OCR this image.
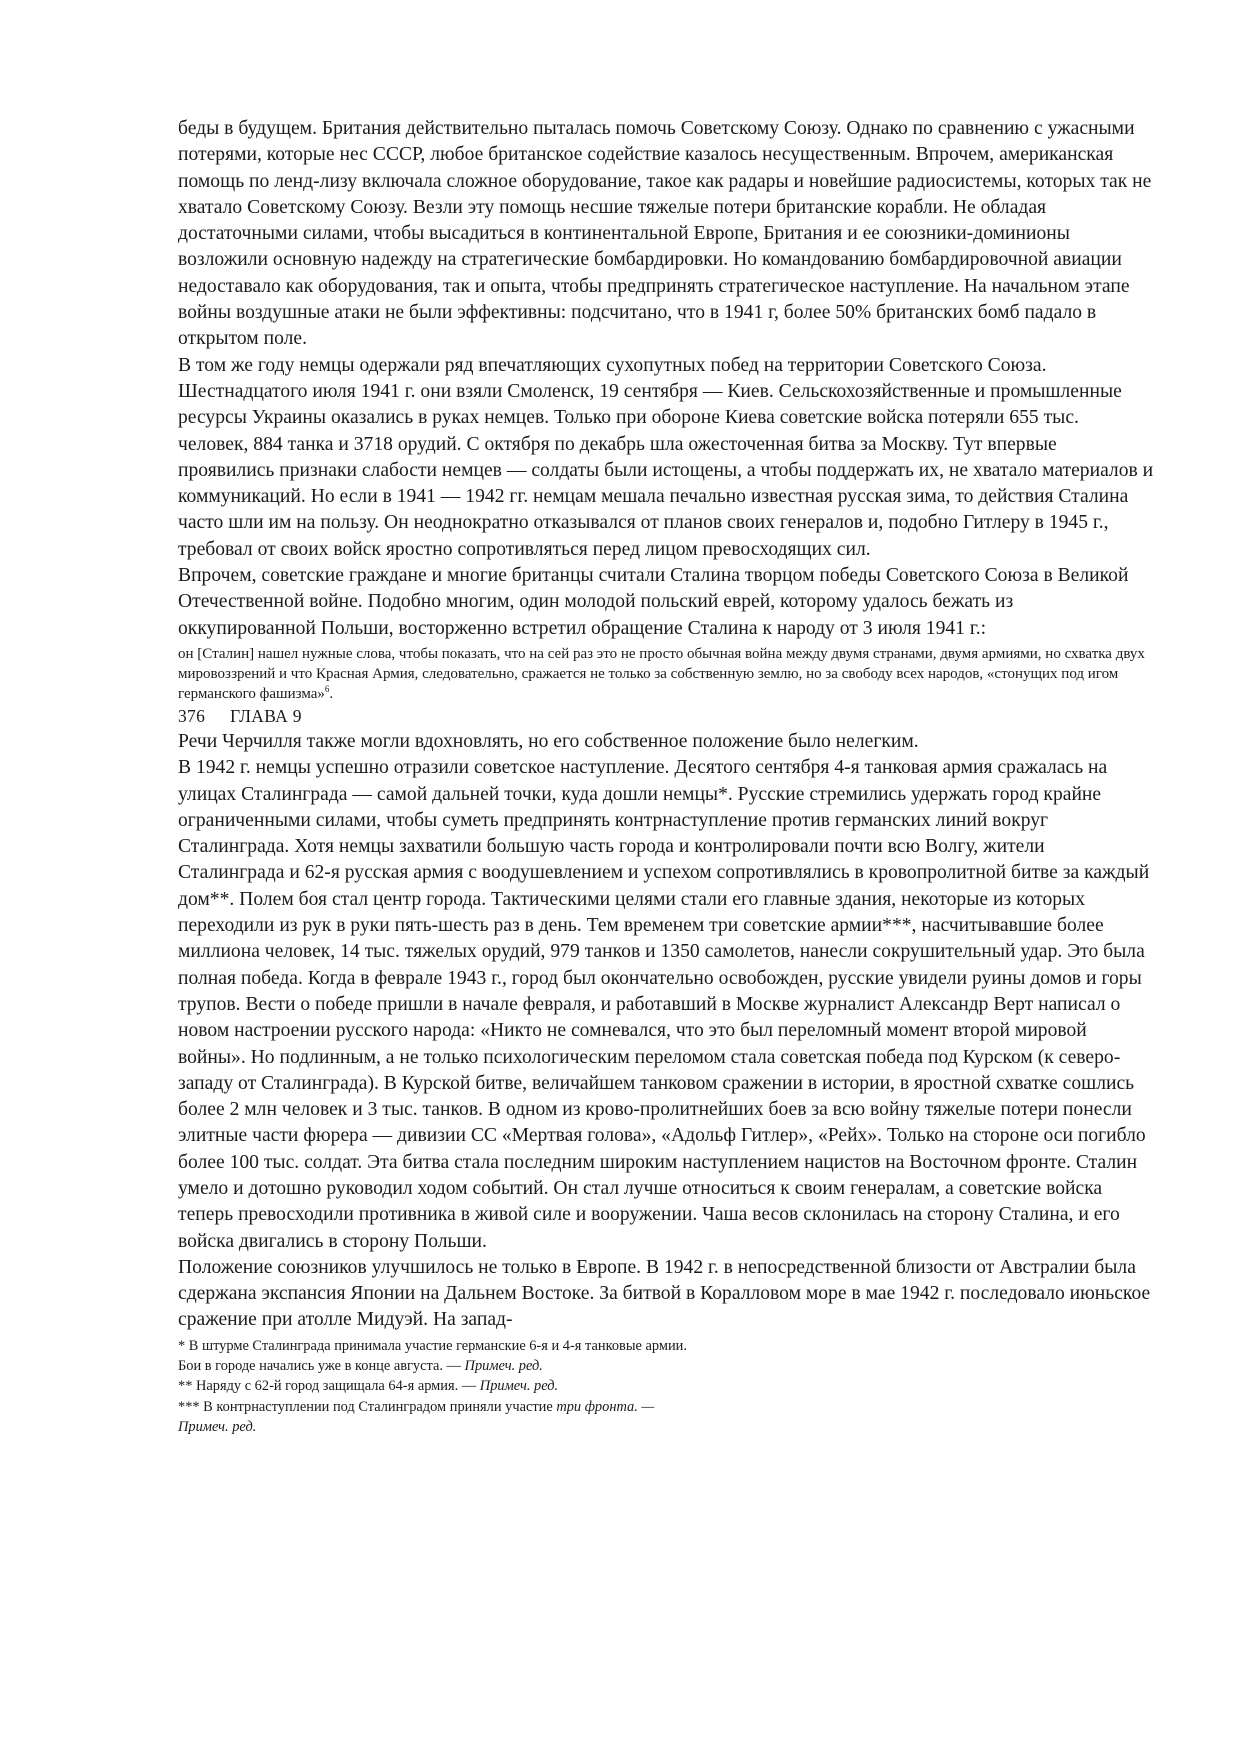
беды в будущем. Британия действительно пыталась помочь Советскому Союзу. Однако по сравнению с ужасными потерями, которые нес СССР, любое британское содействие казалось несущественным. Впрочем, американская помощь по ленд-лизу включала сложное оборудование, такое как радары и новейшие радиосистемы, которых так не хватало Советскому Союзу. Везли эту помощь несшие тяжелые потери британские корабли. Не обладая достаточными силами, чтобы высадиться в континентальной Европе, Британия и ее союзники-доминионы возложили основную надежду на стратегические бомбардировки. Но командованию бомбардировочной авиации недоставало как оборудования, так и опыта, чтобы предпринять стратегическое наступление. На начальном этапе войны воздушные атаки не были эффективны: подсчитано, что в 1941 г, более 50% британских бомб падало в открытом поле.

В том же году немцы одержали ряд впечатляющих сухопутных побед на территории Советского Союза. Шестнадцатого июля 1941 г. они взяли Смоленск, 19 сентября — Киев. Сельскохозяйственные и промышленные ресурсы Украины оказались в руках немцев. Только при обороне Киева советские войска потеряли 655 тыс. человек, 884 танка и 3718 орудий. С октября по декабрь шла ожесточенная битва за Москву. Тут впервые проявились признаки слабости немцев — солдаты были истощены, а чтобы поддержать их, не хватало материалов и коммуникаций. Но если в 1941 — 1942 гг. немцам мешала печально известная русская зима, то действия Сталина часто шли им на пользу. Он неоднократно отказывался от планов своих генералов и, подобно Гитлеру в 1945 г., требовал от своих войск яростно сопротивляться перед лицом превосходящих сил.

Впрочем, советские граждане и многие британцы считали Сталина творцом победы Советского Союза в Великой Отечественной войне. Подобно многим, один молодой польский еврей, которому удалось бежать из оккупированной Польши, восторженно встретил обращение Сталина к народу от 3 июля 1941 г.:

он [Сталин] нашел нужные слова, чтобы показать, что на сей раз это не просто обычная война между двумя странами, двумя армиями, но схватка двух мировоззрений и что Красная Армия, следовательно, сражается не только за собственную землю, но за свободу всех народов, «стонущих под игом германского фашизма»$^6$.

376 ГЛАВА 9

Речи Черчилля также могли вдохновлять, но его собственное положение было нелегким.

В 1942 г. немцы успешно отразили советское наступление. Десятого сентября 4-я танковая армия сражалась на улицах Сталинграда — самой дальней точки, куда дошли немцы*. Русские стремились удержать город крайне ограниченными силами, чтобы суметь предпринять контрнаступление против германских линий вокруг Сталинграда. Хотя немцы захватили большую часть города и контролировали почти всю Волгу, жители Сталинграда и 62-я русская армия с воодушевлением и успехом сопротивлялись в кровопролитной битве за каждый дом**. Полем боя стал центр города. Тактическими целями стали его главные здания, некоторые из которых переходили из рук в руки пять-шесть раз в день. Тем временем три советские армии***, насчитывавшие более миллиона человек, 14 тыс. тяжелых орудий, 979 танков и 1350 самолетов, нанесли сокрушительный удар. Это была полная победа. Когда в феврале 1943 г., город был окончательно освобожден, русские увидели руины домов и горы трупов. Вести о победе пришли в начале февраля, и работавший в Москве журналист Александр Верт написал о новом настроении русского народа: «Никто не сомневался, что это был переломный момент второй мировой войны». Но подлинным, а не только психологическим переломом стала советская победа под Курском (к северо-западу от Сталинграда). В Курской битве, величайшем танковом сражении в истории, в яростной схватке сошлись более 2 млн человек и 3 тыс. танков. В одном из крово-пролитнейших боев за всю войну тяжелые потери понесли элитные части фюрера — дивизии СС «Мертвая голова», «Адольф Гитлер», «Рейх». Только на стороне оси погибло более 100 тыс. солдат. Эта битва стала последним широким наступлением нацистов на Восточном фронте. Сталин умело и дотошно руководил ходом событий. Он стал лучше относиться к своим генералам, а советские войска теперь превосходили противника в живой силе и вооружении. Чаша весов склонилась на сторону Сталина, и его войска двигались в сторону Польши.

Положение союзников улучшилось не только в Европе. В 1942 г. в непосредственной близости от Австралии была сдержана экспансия Японии на Дальнем Востоке. За битвой в Коралловом море в мае 1942 г. последовало июньское сражение при атолле Мидуэй. На запад-

* В штурме Сталинграда принимала участие германские 6-я и 4-я танковые армии.

Бои в городе начались уже в конце августа. — Примеч. ред.

** Наряду с 62-й город защищала 64-я армия. — Примеч. ред.

*** В контрнаступлении под Сталинградом приняли участие три фронта. —

Примеч. ред.
